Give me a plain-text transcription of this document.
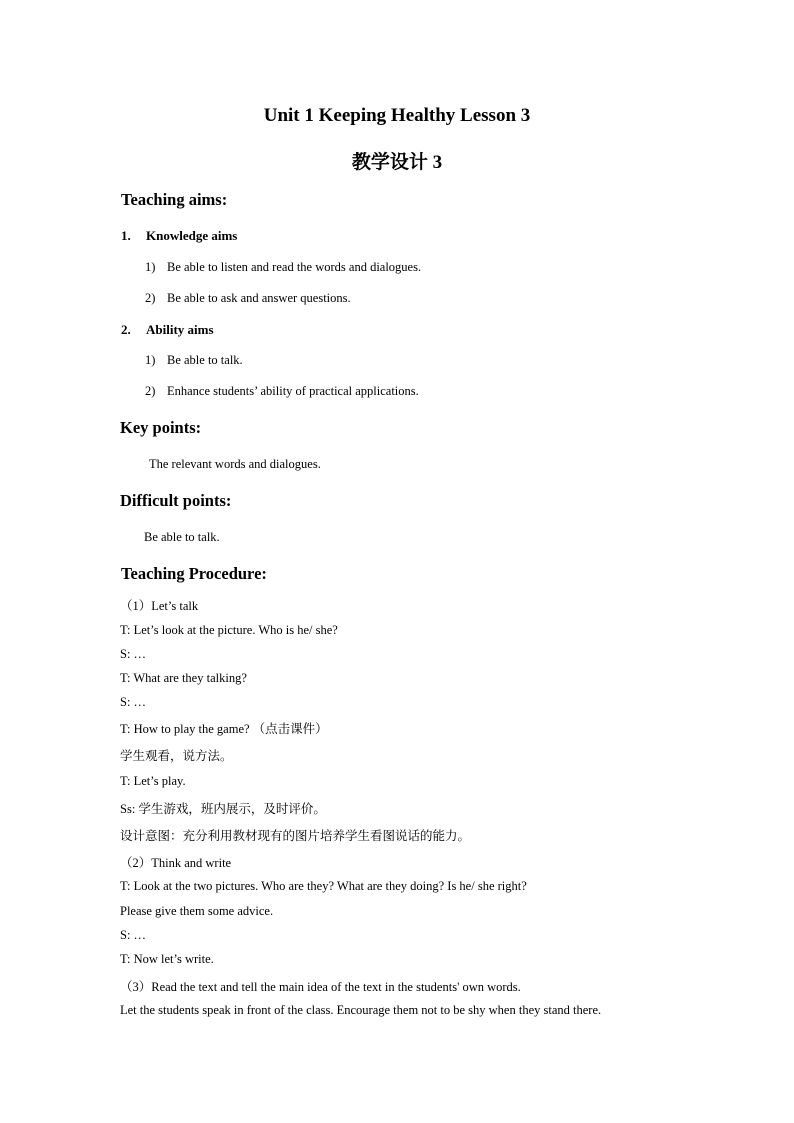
Unit 1 Keeping Healthy Lesson 3
教学设计 3
Teaching aims:
1. Knowledge aims
1) Be able to listen and read the words and dialogues.
2) Be able to ask and answer questions.
2. Ability aims
1) Be able to talk.
2) Enhance students’ ability of practical applications.
Key points:
The relevant words and dialogues.
Difficult points:
Be able to talk.
Teaching Procedure:
（1）Let’s talk
T: Let’s look at the picture. Who is he/ she?
S: …
T: What are they talking?
S: …
T: How to play the game? （点击课件）
学生观看，说方法。
T: Let’s play.
Ss: 学生游戏，班内展示，及时评价。
设计意图：充分利用教材现有的图片培养学生看图说话的能力。
（2）Think and write
T: Look at the two pictures. Who are they? What are they doing? Is he/ she right?
Please give them some advice.
S: …
T: Now let’s write.
（3）Read the text and tell the main idea of the text in the students' own words.
Let the students speak in front of the class. Encourage them not to be shy when they stand there.
